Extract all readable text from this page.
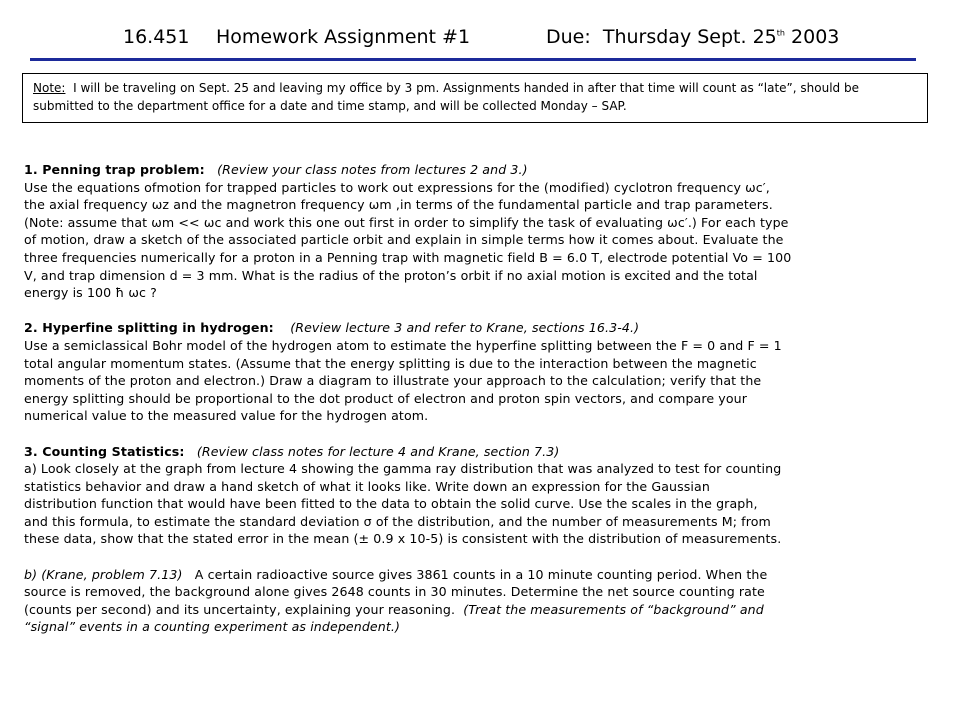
16.451

Homework Assignment #1

	Due:  Thursday Sept. 25th 2003

Note: I will be traveling on Sept. 25 and leaving my office by 3 pm. Assignments handed in after that time will count as “late”, should be submitted to the department office for a date and time stamp, and will be collected Monday – SAP.

1. Penning trap problem: (Review your class notes from lectures 2 and 3.)

Use the equations ofmotion for trapped particles to work out expressions for the (modified) cyclotron frequency ωc′,

the axial frequency ωz and the magnetron frequency ωm ,in terms of the fundamental particle and trap parameters.

(Note: assume that ωm << ωc and work this one out first in order to simplify the task of evaluating ωc′.) For each type

of motion, draw a sketch of the associated particle orbit and explain in simple terms how it comes about. Evaluate the

three frequencies numerically for a proton in a Penning trap with magnetic field B = 6.0 T, electrode potential Vo = 100

V, and trap dimension d = 3 mm. What is the radius of the proton’s orbit if no axial motion is excited and the total

energy is 100 ħ ωc ?

2. Hyperfine splitting in hydrogen: (Review lecture 3 and refer to Krane, sections 16.3-4.)

Use a semiclassical Bohr model of the hydrogen atom to estimate the hyperfine splitting between the F = 0 and F = 1

total angular momentum states. (Assume that the energy splitting is due to the interaction between the magnetic

moments of the proton and electron.) Draw a diagram to illustrate your approach to the calculation; verify that the

energy splitting should be proportional to the dot product of electron and proton spin vectors, and compare your

numerical value to the measured value for the hydrogen atom.

3. Counting Statistics: (Review class notes for lecture 4 and Krane, section 7.3)

a) Look closely at the graph from lecture 4 showing the gamma ray distribution that was analyzed to test for counting

statistics behavior and draw a hand sketch of what it looks like. Write down an expression for the Gaussian

distribution function that would have been fitted to the data to obtain the solid curve. Use the scales in the graph,

and this formula, to estimate the standard deviation σ of the distribution, and the number of measurements M; from

these data, show that the stated error in the mean (± 0.9 x 10-5) is consistent with the distribution of measurements.

b) (Krane, problem 7.13) A certain radioactive source gives 3861 counts in a 10 minute counting period. When the

source is removed, the background alone gives 2648 counts in 30 minutes. Determine the net source counting rate

(counts per second) and its uncertainty, explaining your reasoning. (Treat the measurements of “background” and

“signal” events in a counting experiment as independent.)
